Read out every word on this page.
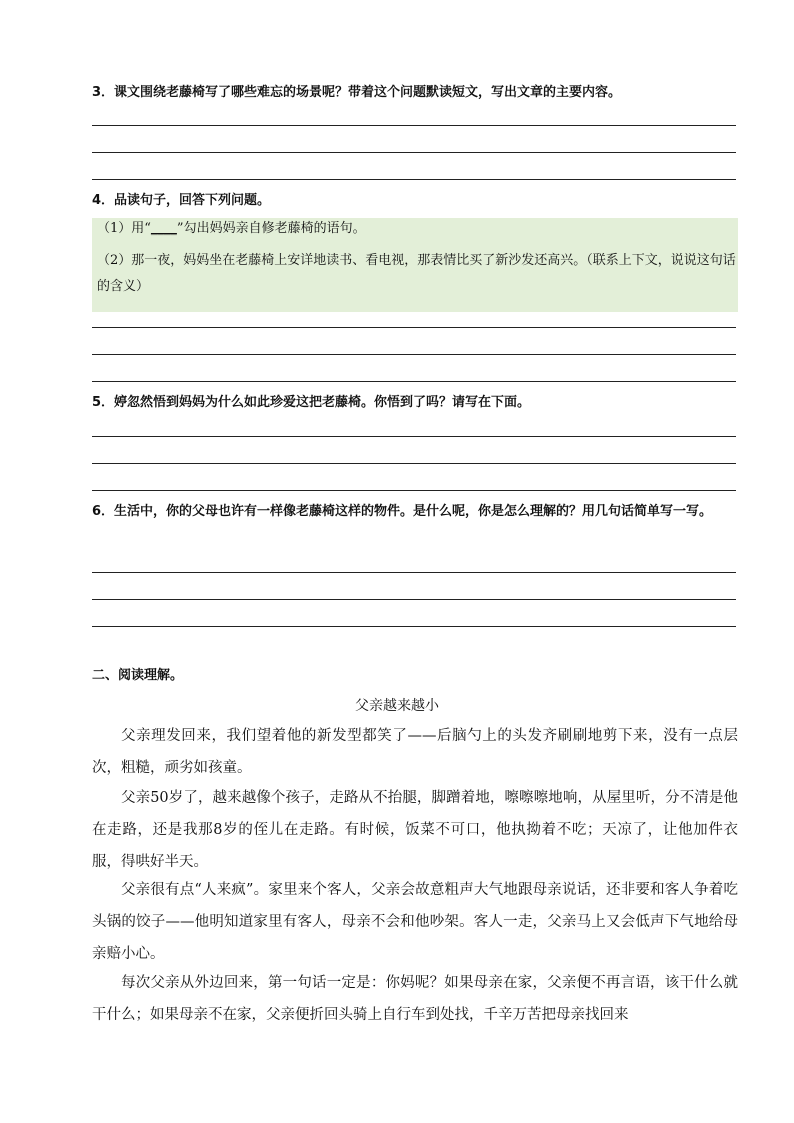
3．课文围绕老藤椅写了哪些难忘的场景呢？带着这个问题默读短文，写出文章的主要内容。
4．品读句子，回答下列问题。
（1）用“____”勾出妈妈亲自修老藤椅的语句。
（2）那一夜，妈妈坐在老藤椅上安详地读书、看电视，那表情比买了新沙发还高兴。（联系上下文，说说这句话的含义）
5．婷忽然悟到妈妈为什么如此珍爱这把老藤椅。你悟到了吗？请写在下面。
6．生活中，你的父母也许有一样像老藤椅这样的物件。是什么呢，你是怎么理解的？用几句话简单写一写。
二、阅读理解。
父亲越来越小
父亲理发回来，我们望着他的新发型都笑了——后脑勺上的头发齐刷刷地剪下来，没有一点层次，粗糙，顽劣如孩童。
父亲50岁了，越来越像个孩子，走路从不抬腿，脚蹭着地，嚓嚓嚓地响，从屋里听，分不清是他在走路，还是我那8岁的侄儿在走路。有时候，饭菜不可口，他执拗着不吃；天凉了，让他加件衣服，得哄好半天。
父亲很有点“人来疯”。家里来个客人，父亲会故意粗声大气地跟母亲说话，还非要和客人争着吃头锅的饺子——他明知道家里有客人，母亲不会和他吵架。客人一走，父亲马上又会低声下气地给母亲赔小心。
每次父亲从外边回来，第一句话一定是：你妈呢？如果母亲在家，父亲便不再言语，该干什么就干什么；如果母亲不在家，父亲便折回头骑上自行车到处找，千辛万苦把母亲找回来
